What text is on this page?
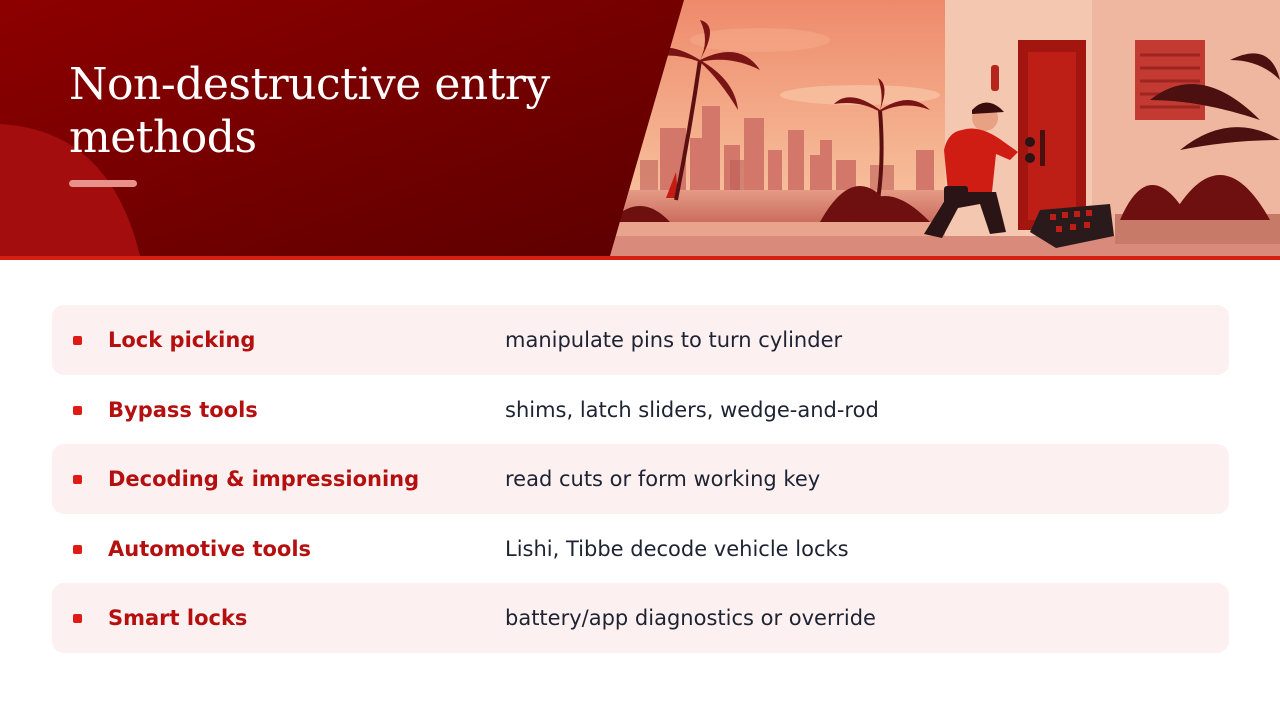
Non-destructive entry methods
Lock picking	manipulate pins to turn cylinder
Bypass tools	shims, latch sliders, wedge-and-rod
Decoding & impressioning	read cuts or form working key
Automotive tools	Lishi, Tibbe decode vehicle locks
Smart locks	battery/app diagnostics or override
